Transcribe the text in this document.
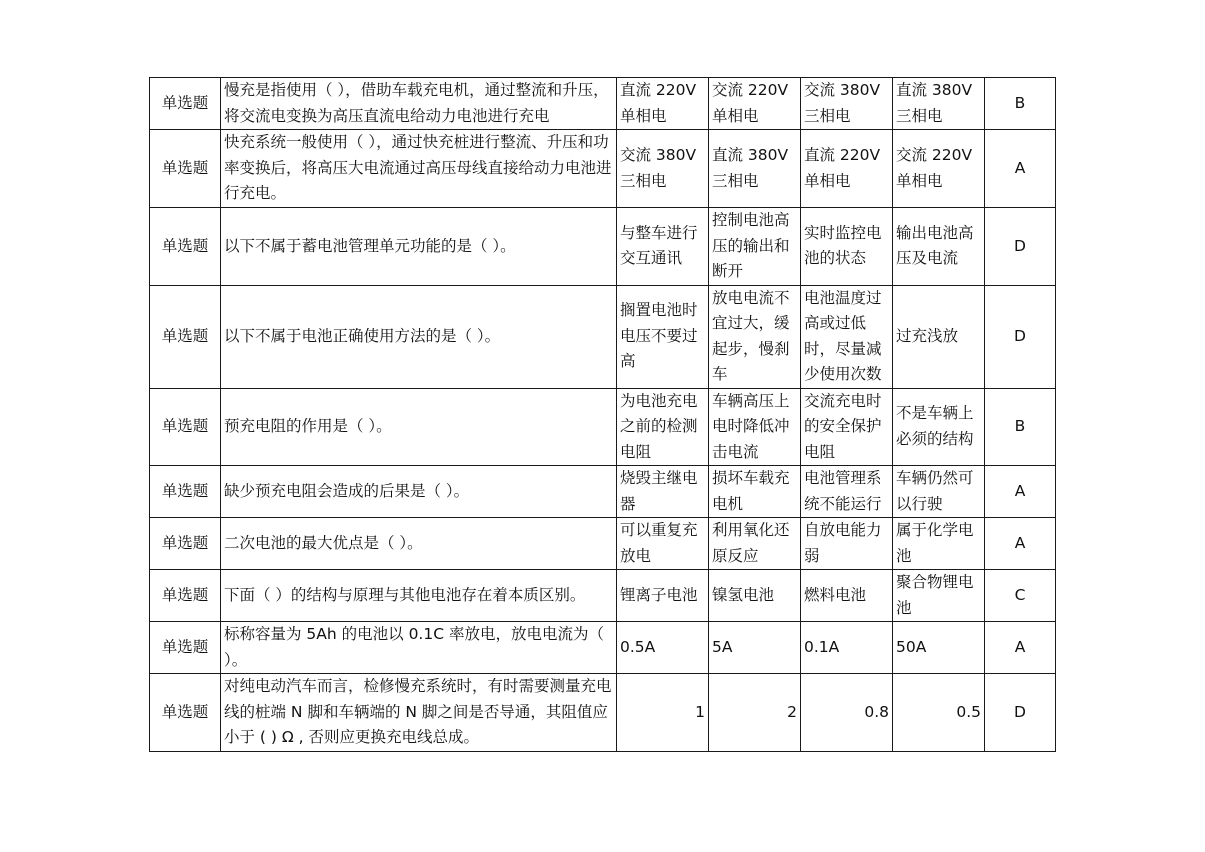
单选题	慢充是指使用（ ），借助车载充电机，通过整流和升压，将交流电变换为高压直流电给动力电池进行充电	直流 220V 单相电	交流 220V 单相电	交流 380V 三相电	直流 380V 三相电	B
单选题	快充系统一般使用（ ），通过快充桩进行整流、升压和功率变换后，将高压大电流通过高压母线直接给动力电池进行充电。	交流 380V 三相电	直流 380V 三相电	直流 220V 单相电	交流 220V 单相电	A
单选题	以下不属于蓄电池管理单元功能的是（ ）。	与整车进行交互通讯	控制电池高压的输出和断开	实时监控电池的状态	输出电池高压及电流	D
单选题	以下不属于电池正确使用方法的是（ ）。	搁置电池时电压不要过高	放电电流不宜过大，缓起步，慢刹车	电池温度过高或过低时，尽量减少使用次数	过充浅放	D
单选题	预充电阻的作用是（ ）。	为电池充电之前的检测电阻	车辆高压上电时降低冲击电流	交流充电时的安全保护电阻	不是车辆上必须的结构	B
单选题	缺少预充电阻会造成的后果是（ ）。	烧毁主继电器	损坏车载充电机	电池管理系统不能运行	车辆仍然可以行驶	A
单选题	二次电池的最大优点是（ ）。	可以重复充放电	利用氧化还原反应	自放电能力弱	属于化学电池	A
单选题	下面（ ）的结构与原理与其他电池存在着本质区别。	锂离子电池	镍氢电池	燃料电池	聚合物锂电池	C
单选题	标称容量为 5Ah 的电池以 0.1C 率放电，放电电流为（ ）。	0.5A	5A	0.1A	50A	A
单选题	对纯电动汽车而言，检修慢充系统时，有时需要测量充电线的桩端 N 脚和车辆端的 N 脚之间是否导通，其阻值应小于 ( ) Ω , 否则应更换充电线总成。	1	2	0.8	0.5	D
